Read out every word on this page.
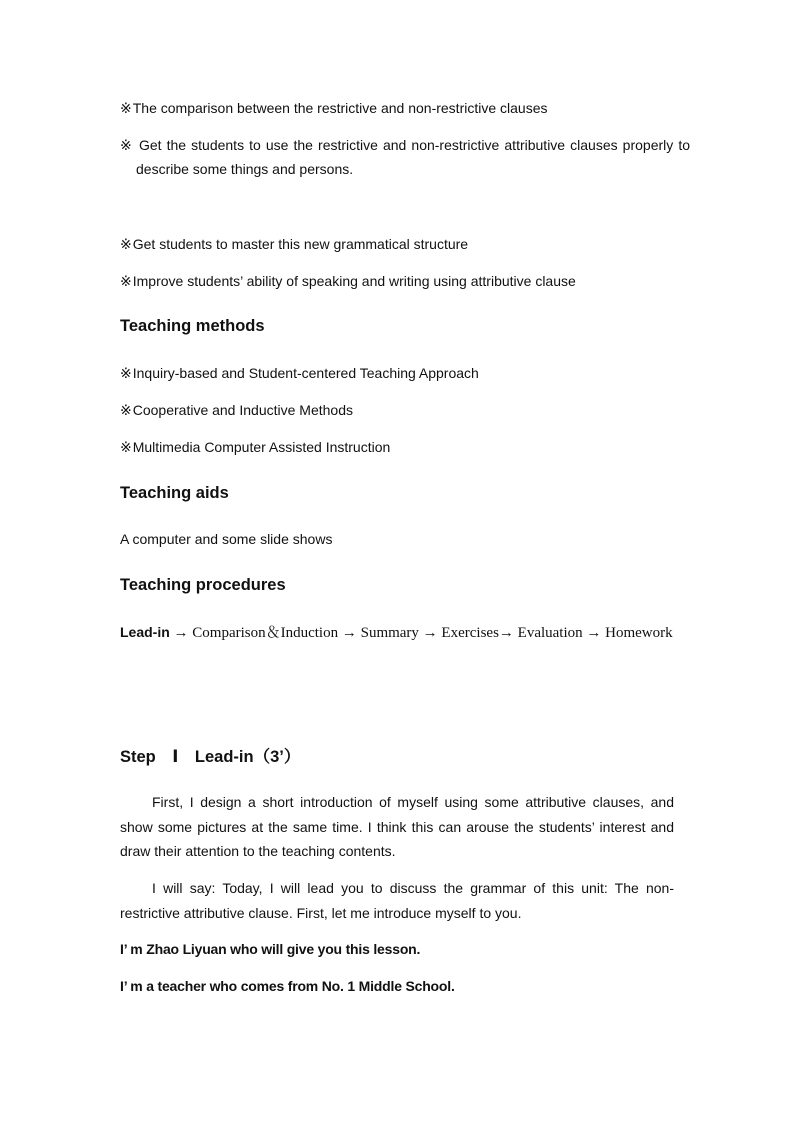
※The comparison between the restrictive and non-restrictive clauses
※ Get the students to use the restrictive and non-restrictive attributive clauses properly to describe some things and persons.
※Get students to master this new grammatical structure
※Improve students’ ability of speaking and writing using attributive clause
Teaching methods
※Inquiry-based and Student-centered Teaching Approach
※Cooperative and Inductive Methods
※Multimedia Computer Assisted Instruction
Teaching aids
A computer and some slide shows
Teaching procedures
Lead-in → Comparison＆Induction → Summary → Exercises→ Evaluation → Homework
Step　Ⅰ　Lead-in（3’）
First, I design a short introduction of myself using some attributive clauses, and show some pictures at the same time. I think this can arouse the students’ interest and draw their attention to the teaching contents.
I will say: Today, I will lead you to discuss the grammar of this unit: The non-restrictive attributive clause. First, let me introduce myself to you.
I’ m Zhao Liyuan who will give you this lesson.
I’ m a teacher who comes from No. 1 Middle School.
